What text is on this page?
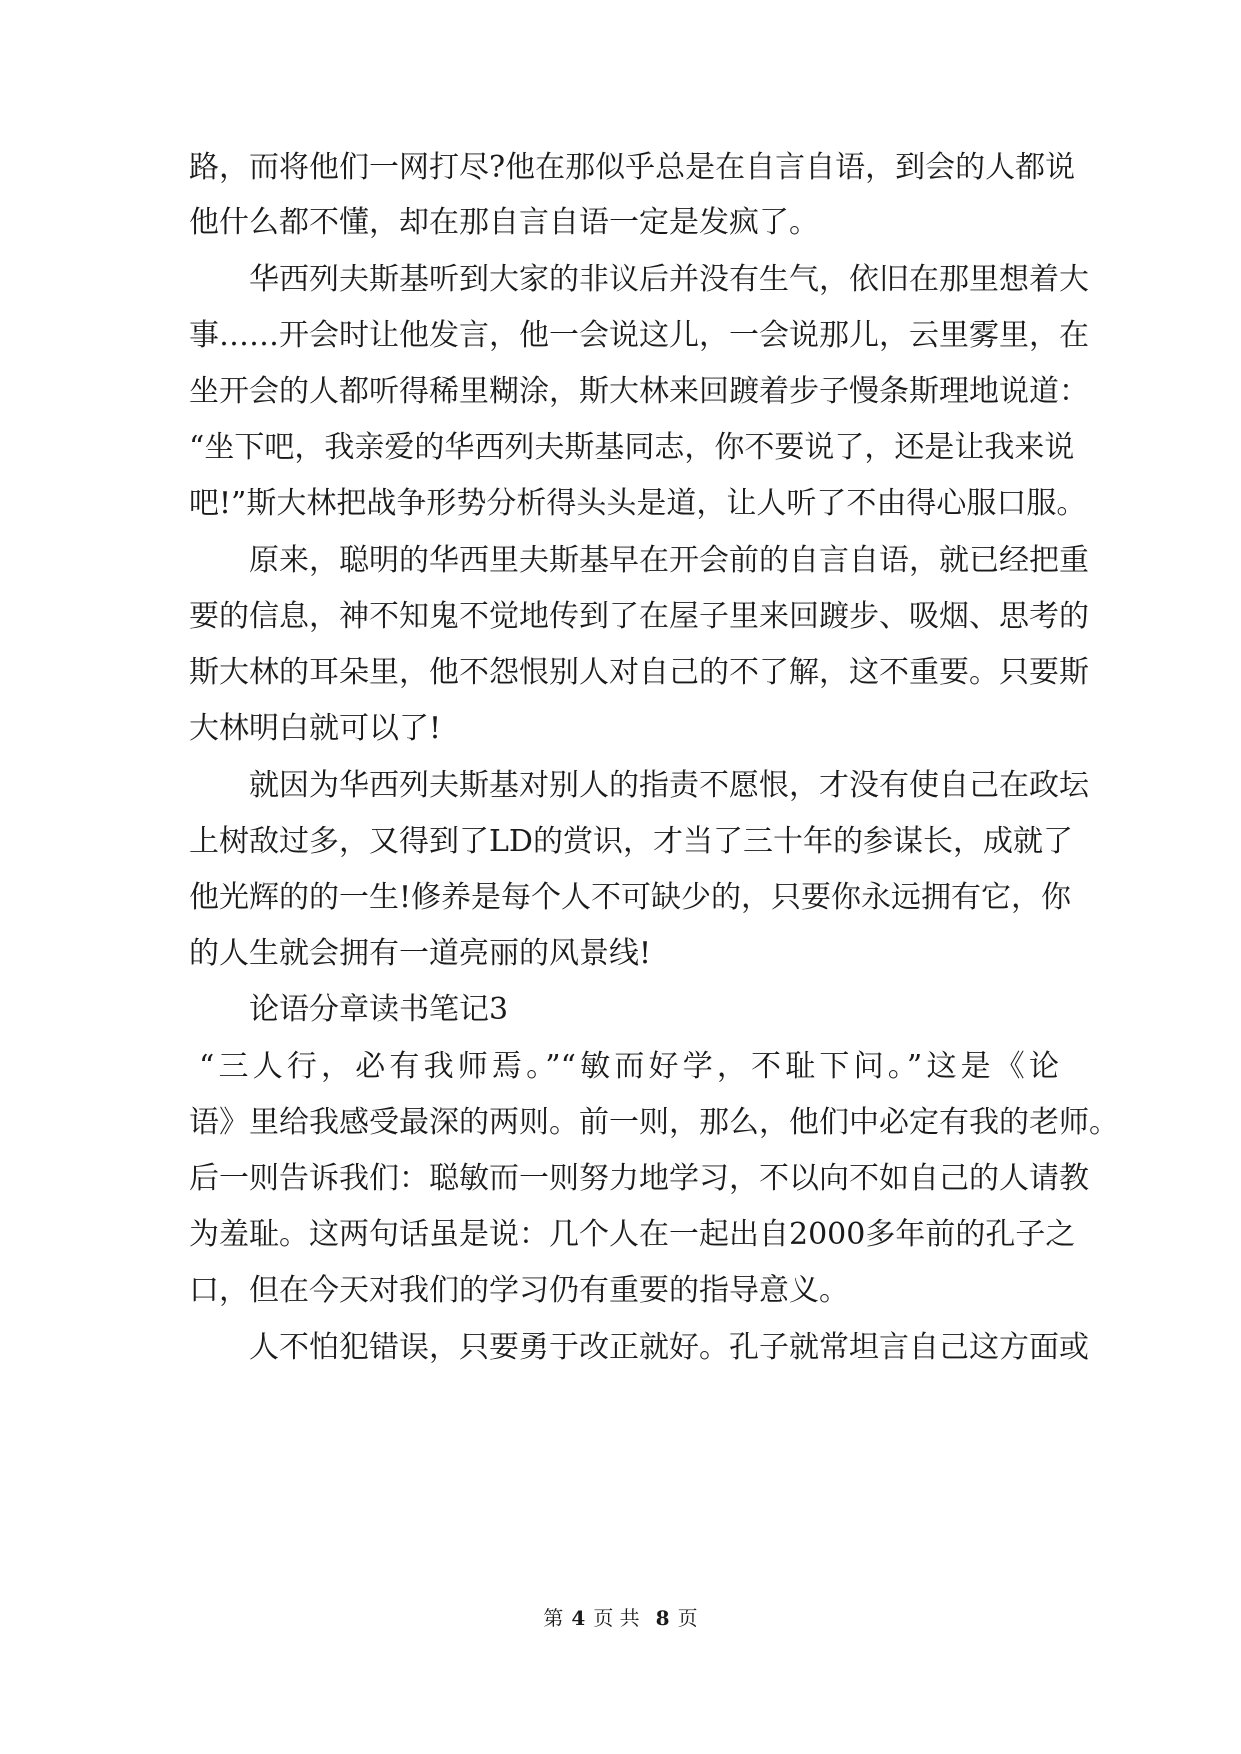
路，而将他们一网打尽?他在那似乎总是在自言自语，到会的人都说
他什么都不懂，却在那自言自语一定是发疯了。
华西列夫斯基听到大家的非议后并没有生气，依旧在那里想着大
事……开会时让他发言，他一会说这儿，一会说那儿，云里雾里，在
坐开会的人都听得稀里糊涂，斯大林来回踱着步子慢条斯理地说道：
“坐下吧，我亲爱的华西列夫斯基同志，你不要说了，还是让我来说
吧!”斯大林把战争形势分析得头头是道，让人听了不由得心服口服。
原来，聪明的华西里夫斯基早在开会前的自言自语，就已经把重
要的信息，神不知鬼不觉地传到了在屋子里来回踱步、吸烟、思考的
斯大林的耳朵里，他不怨恨别人对自己的不了解，这不重要。只要斯
大林明白就可以了!
就因为华西列夫斯基对别人的指责不愿恨，才没有使自己在政坛
上树敌过多，又得到了LD的赏识，才当了三十年的参谋长，成就了
他光辉的的一生!修养是每个人不可缺少的，只要你永远拥有它，你
的人生就会拥有一道亮丽的风景线!
论语分章读书笔记3
“三人行，必有我师焉。”“敏而好学，不耻下问。”这是《论
语》里给我感受最深的两则。前一则，那么，他们中必定有我的老师。
后一则告诉我们：聪敏而一则努力地学习，不以向不如自己的人请教
为羞耻。这两句话虽是说：几个人在一起出自2000多年前的孔子之
口，但在今天对我们的学习仍有重要的指导意义。
人不怕犯错误，只要勇于改正就好。孔子就常坦言自己这方面或
第 4 页 共 8 页
